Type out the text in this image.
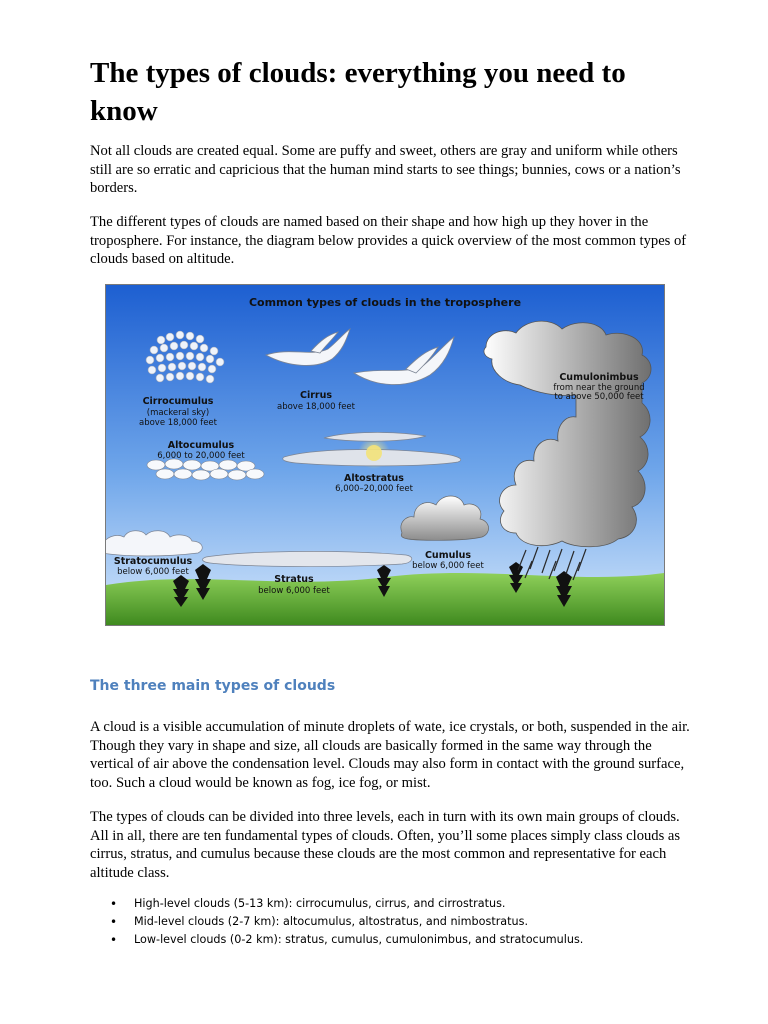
The types of clouds: everything you need to know

Not all clouds are created equal. Some are puffy and sweet, others are gray and uniform while others still are so erratic and capricious that the human mind starts to see things; bunnies, cows or a nation’s borders.

The different types of clouds are named based on their shape and how high up they hover in the troposphere. For instance, the diagram below provides a quick overview of the most common types of clouds based on altitude.

Common types of clouds in the troposphere
Cirrocumulus
(mackeral sky)
above 18,000 feet
Cirrus
above 18,000 feet
Cumulonimbus
from near the ground
to above 50,000 feet
Altocumulus
6,000 to 20,000 feet
Altostratus
6,000–20,000 feet
Cumulus
below 6,000 feet
Stratocumulus
below 6,000 feet
Stratus
below 6,000 feet
The three main types of clouds

A cloud is a visible accumulation of minute droplets of wate, ice crystals, or both, suspended in the air. Though they vary in shape and size, all clouds are basically formed in the same way through the vertical of air above the condensation level. Clouds may also form in contact with the ground surface, too. Such a cloud would be known as fog, ice fog, or mist.

The types of clouds can be divided into three levels, each in turn with its own main groups of clouds. All in all, there are ten fundamental types of clouds. Often, you’ll some places simply class clouds as cirrus, stratus, and cumulus because these clouds are the most common and representative for each altitude class.

• High-level clouds (5-13 km): cirrocumulus, cirrus, and cirrostratus.
• Mid-level clouds (2-7 km): altocumulus, altostratus, and nimbostratus.
• Low-level clouds (0-2 km): stratus, cumulus, cumulonimbus, and stratocumulus.
